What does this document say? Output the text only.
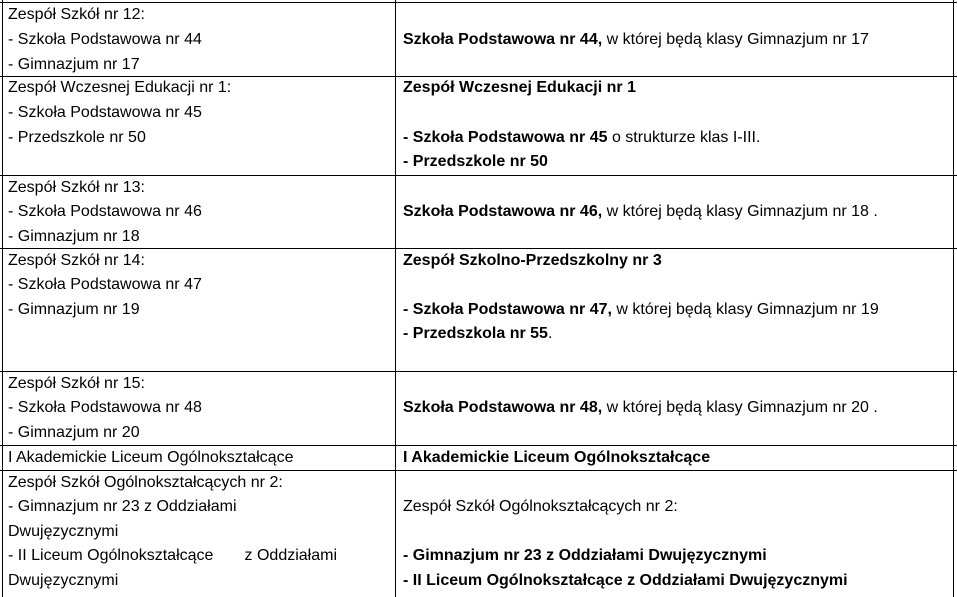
Zespół Szkół nr 12:
- Szkoła Podstawowa nr 44
- Gimnazjum nr 17
Szkoła Podstawowa nr 44, w której będą klasy Gimnazjum nr 17
Zespół Wczesnej Edukacji nr 1:
- Szkoła Podstawowa nr 45
- Przedszkole nr 50
Zespół Wczesnej Edukacji nr 1
- Szkoła Podstawowa nr 45 o strukturze klas I-III.
- Przedszkole nr 50
Zespół Szkół nr 13:
- Szkoła Podstawowa nr 46
- Gimnazjum nr 18
Szkoła Podstawowa nr 46, w której będą klasy Gimnazjum nr 18 .
Zespół Szkół nr 14:
- Szkoła Podstawowa nr 47
- Gimnazjum nr 19
Zespół Szkolno-Przedszkolny nr 3
- Szkoła Podstawowa nr 47, w której będą klasy Gimnazjum nr 19
- Przedszkola nr 55.
Zespół Szkół nr 15:
- Szkoła Podstawowa nr 48
- Gimnazjum nr 20
Szkoła Podstawowa nr 48, w której będą klasy Gimnazjum nr 20 .
I Akademickie Liceum Ogólnokształcące	I Akademickie Liceum Ogólnokształcące
Zespół Szkół Ogólnokształcących nr 2:
- Gimnazjum nr 23 z Oddziałami
Dwujęzycznymi
- II Liceum Ogólnokształcące       z Oddziałami
Dwujęzycznymi
Zespół Szkół Ogólnokształcących nr 2:
- Gimnazjum nr 23 z Oddziałami Dwujęzycznymi
- II Liceum Ogólnokształcące z Oddziałami Dwujęzycznymi
